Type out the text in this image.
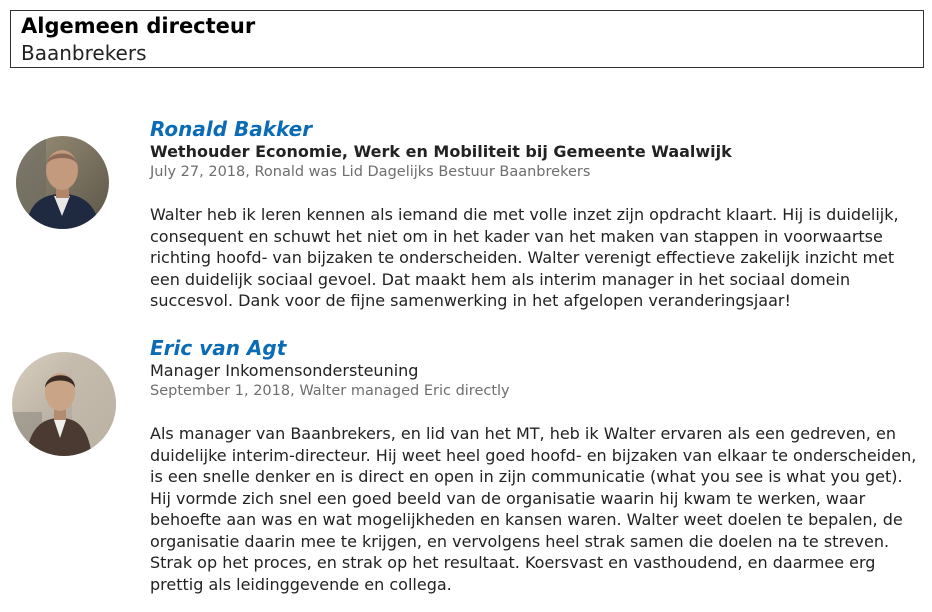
Algemeen directeur
Baanbrekers
Ronald Bakker
Wethouder Economie, Werk en Mobiliteit bij Gemeente Waalwijk
July 27, 2018, Ronald was Lid Dagelijks Bestuur Baanbrekers
Walter heb ik leren kennen als iemand die met volle inzet zijn opdracht klaart. Hij is duidelijk, consequent en schuwt het niet om in het kader van het maken van stappen in voorwaartse richting hoofd- van bijzaken te onderscheiden. Walter verenigt effectieve zakelijk inzicht met een duidelijk sociaal gevoel. Dat maakt hem als interim manager in het sociaal domein succesvol. Dank voor de fijne samenwerking in het afgelopen veranderingsjaar!
Eric van Agt
Manager Inkomensondersteuning
September 1, 2018, Walter managed Eric directly
Als manager van Baanbrekers, en lid van het MT, heb ik Walter ervaren als een gedreven, en duidelijke interim-directeur. Hij weet heel goed hoofd- en bijzaken van elkaar te onderscheiden, is een snelle denker en is direct en open in zijn communicatie (what you see is what you get). Hij vormde zich snel een goed beeld van de organisatie waarin hij kwam te werken, waar behoefte aan was en wat mogelijkheden en kansen waren. Walter weet doelen te bepalen, de organisatie daarin mee te krijgen, en vervolgens heel strak samen die doelen na te streven. Strak op het proces, en strak op het resultaat. Koersvast en vasthoudend, en daarmee erg prettig als leidinggevende en collega.
